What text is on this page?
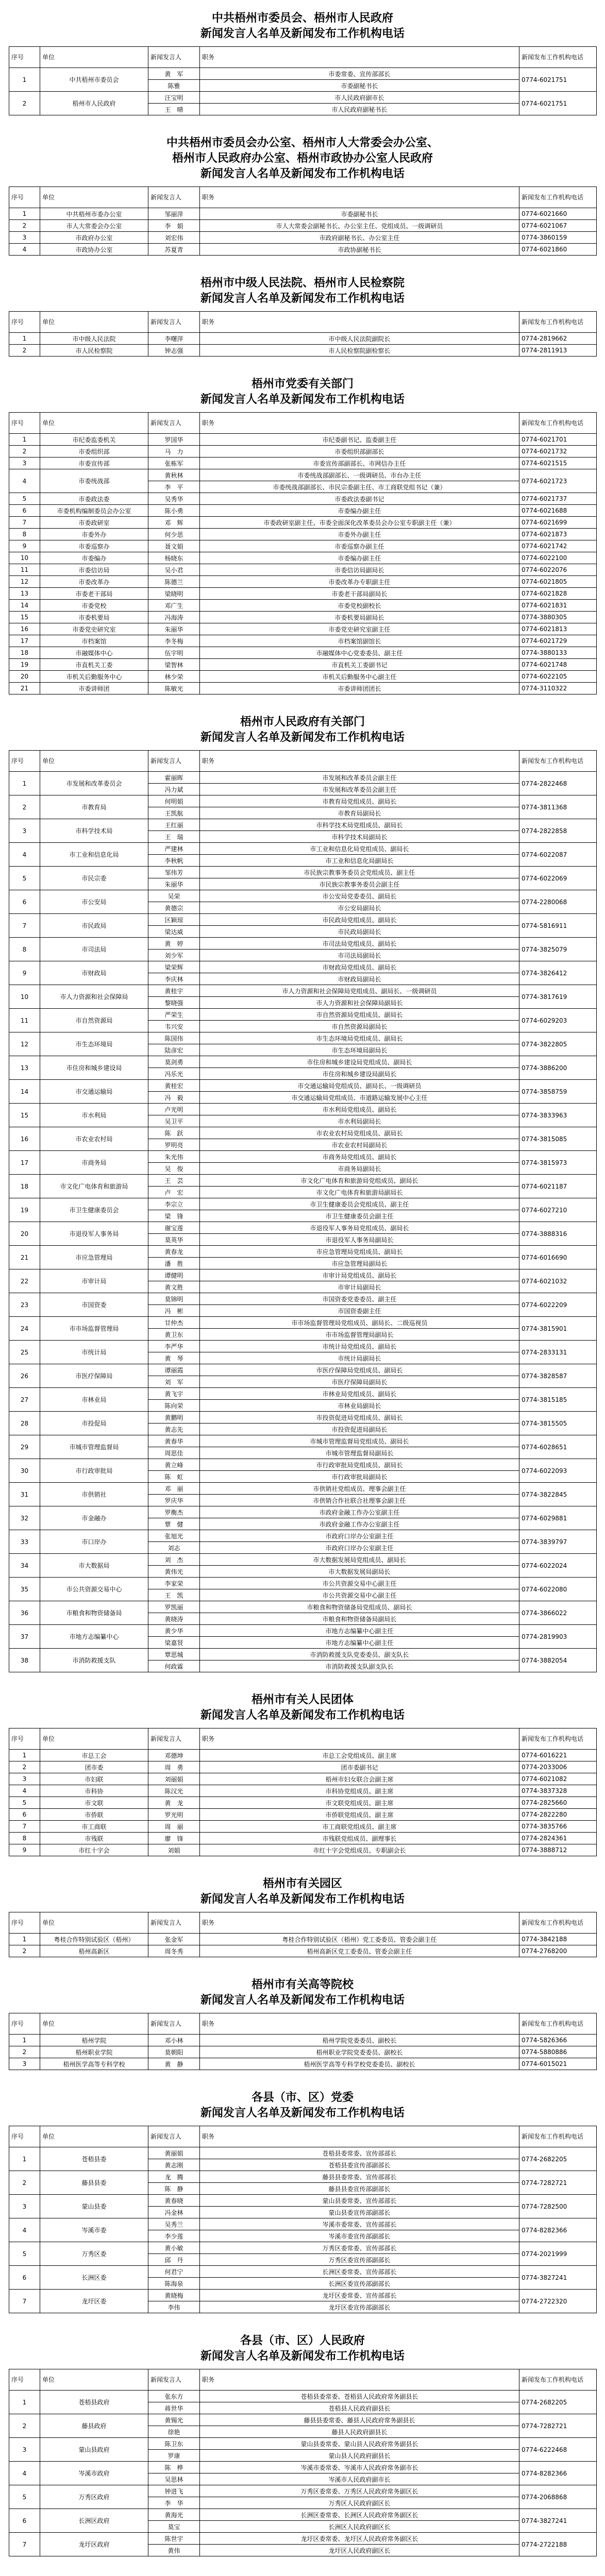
中共梧州市委员会、梧州市人民政府
新闻发言人名单及新闻发布工作机构电话
序号	单位	新闻发言人	职务	新闻发布工作机构电话
1	中共梧州市委员会	黄　军	市委常委、宣传部部长	0774-6021751
		陈雅	市委副秘书长	
2	梧州市人民政府	汪宝明	市人民政府副市长	0774-6021751
		王　晴	市人民政府副秘书长	
中共梧州市委员会办公室、梧州市人大常委会办公室、
梧州市人民政府办公室、梧州市政协办公室人民政府
新闻发言人名单及新闻发布工作机构电话
序号	单位	新闻发言人	职务	新闻发布工作机构电话
1	中共梧州市委办公室	邹丽萍	市委副秘书长	0774-6021660
2	市人大常委会办公室	李　娟	市人大常委会副秘书长、办公室主任、党组成员、一级调研员	0774-6021067
3	市政府办公室	刘宏伟	市政府副秘书长、办公室主任	0774-3860159
4	市政协办公室	苏夏青	市政协副秘书长	0774-6021860
梧州市中级人民法院、梧州市人民检察院
新闻发言人名单及新闻发布工作机构电话
序号	单位	新闻发言人	职务	新闻发布工作机构电话
1	市中级人民法院	李曙萍	市中级人民法院副院长	0774-2819662
2	市人民检察院	钟志强	市人民检察院副检察长	0774-2811913
梧州市党委有关部门
新闻发言人名单及新闻发布工作机构电话
序号	单位	新闻发言人	职务	新闻发布工作机构电话
1	市纪委监委机关	罗国华	市纪委副书记、监委副主任	0774-6021701
2	市委组织部	马　力	市委组织部副部长	0774-6021732
3	市委宣传部	张栋军	市委宣传部副部长、市网信办主任	0774-6021515
4	市委统战部	黄秋林	市委统战部副部长、一级调研员、市台办主任	0774-6021723
		李　平	市委统战部副部长、市民宗委副主任、市工商联党组书记（兼）	
5	市委政法委	吴秀华	市委政法委副书记	0774-6021737
6	市委机构编制委员会办公室	陈小勇	市委编办副主任	0774-6021688
7	市委政研室	邓　辉	市委政研室副主任、市委全面深化改革委员会办公室专职副主任（兼）	0774-6021699
8	市委外办	何少思	市委外办副主任	0774-6021873
9	市委巡察办	聂文娟	市委巡察办副主任	0774-6021742
10	市委编办	杨晓东	市委编办副主任	0774-6022100
11	市委信访局	吴小君	市委信访局副局长	0774-6022076
12	市委改革办	陈德兰	市委改革办专职副主任	0774-6021805
13	市委老干部局	梁晓明	市委老干部局副局长	0774-6021828
14	市委党校	邓广生	市委党校副校长	0774-6021831
15	市委机要局	冯海涛	市委机要局副局长	0774-3880305
16	市委党史研究室	朱丽华	市委党史研究室副主任	0774-6021813
17	市档案馆	李冬梅	市档案馆副馆长	0774-6021729
18	市融媒体中心	伍宇明	市融媒体中心党委委员、副主任	0774-3880133
19	市直机关工委	梁智林	市直机关工委副书记	0774-6021748
20	市机关后勤服务中心	林少荣	市机关后勤服务中心副主任	0774-6022105
21	市委讲师团	陈敏光	市委讲师团团长	0774-3110322
梧州市人民政府有关部门
新闻发言人名单及新闻发布工作机构电话
序号	单位	新闻发言人	职务	新闻发布工作机构电话
1	市发展和改革委员会	霍丽晖	市发展和改革委员会副主任	0774-2822468
		冯力斌	市发展和改革委员会副主任	
2	市教育局	何明娟	市教育局党组成员、副局长	0774-3811368
		王凯航	市教育局副局长	
3	市科学技术局	王红丽	市科学技术局党组成员、副局长	0774-2822858
		王　瑞	市科学技术局副局长	
4	市工业和信息化局	严建林	市工业和信息化局党组成员、副局长	0774-6022087
		李秋帆	市工业和信息化局副局长	
5	市民宗委	邹伟芳	市民族宗教事务委员会党组成员、副主任	0774-6022069
		朱丽华	市民族宗教事务委员会副主任	
6	市公安局	吴荣	市公安局党委委员、副局长	0774-2280068
		黄德宗	市公安局副局长	
7	市民政局	区颖琼	市民政局党组成员、副局长	0774-5816911
		梁达威	市民政局副局长	
8	市司法局	黄　婷	市司法局党组成员、副局长	0774-3825079
		刘少军	市司法局副局长	
9	市财政局	梁荣辉	市财政局党组成员、副局长	0774-3826412
		李庆林	市财政局副局长	
10	市人力资源和社会保障局	黄桂宇	市人力资源和社会保障局党组成员、副局长、一级调研员	0774-3817619
		黎晓强	市人力资源和社会保障局副局长	
11	市自然资源局	严荣生	市自然资源局党组成员、副局长	0774-6029203
		韦兴安	市自然资源局副局长	
12	市生态环境局	陈国伟	市生态环境局党组成员、副局长	0774-3822805
		陆彦宏	市生态环境局副局长	
13	市住房和城乡建设局	莫剑勇	市住房和城乡建设局党组成员、副局长	0774-3886200
		冯乐光	市住房和城乡建设局副局长	
14	市交通运输局	黄桂宏	市交通运输局党组成员、副局长、一级调研员	0774-3858759
		冯　毅	市交通运输局党组成员、市道路运输发展中心主任	
15	市水利局	卢光明	市水利局党组成员、副局长	0774-3833963
		吴卫平	市水利局副局长	
16	市农业农村局	陈　跃	市农业农村局党组成员、副局长	0774-3815085
		罗明亮	市农业农村局副局长	
17	市商务局	朱光伟	市商务局党组成员、副局长	0774-3815973
		吴　俊	市商务局副局长	
18	市文化广电体育和旅游局	王　芸	市文化广电体育和旅游局党组成员、副局长	0774-6021187
		卢　宏	市文化广电体育和旅游局副局长	
19	市卫生健康委员会	李宗立	市卫生健康委员会党组成员、副主任	0774-6027210
		梁　锋	市卫生健康委员会副主任	
20	市退役军人事务局	谢宝莲	市退役军人事务局党组成员、副局长	0774-3888316
		莫英华	市退役军人事务局副局长	
21	市应急管理局	黄春龙	市应急管理局党组成员、副局长	0774-6016690
		潘　胜	市应急管理局副局长	
22	市审计局	谭健明	市审计局党组成员、副局长	0774-6021032
		黄文胜	市审计局副局长	
23	市国资委	莫锦明	市国资委党委委员、副主任	0774-6022209
		冯　彬	市国资委副主任	
24	市市场监督管理局	甘仲杰	市市场监督管理局党组成员、副局长、二级巡视员	0774-3815901
		黄卫东	市市场监督管理局副局长	
25	市统计局	李严华	市统计局党组成员、副局长	0774-2833131
		黄　琴	市统计局副局长	
26	市医疗保障局	谭丽霞	市医疗保障局党组成员、副局长	0774-3828587
		刘　军	市医疗保障局副局长	
27	市林业局	黄飞宇	市林业局党组成员、副局长	0774-3815185
		陈向荣	市林业局副局长	
28	市投促局	黄鹏明	市投资促进局党组成员、副局长	0774-3815505
		黄志先	市投资促进局副局长	
29	市城市管理监督局	黄春华	市城市管理监督局党组成员、副局长	0774-6028651
		周思佳	市城市管理监督局副局长	
30	市行政审批局	黄立峰	市行政审批局党组成员、副局长	0774-6022093
		陈　虹	市行政审批局副局长	
31	市供销社	邓　丽	市供销社党组成员、理事会副主任	0774-3822845
		罗庆华	市供销合作社联合社理事会副主任	
32	市金融办	罗衡杰	市政府金融工作办公室副主任	0774-6029881
		覃　健	市政府金融工作办公室副主任	
33	市口岸办	张旭光	市政府口岸办公室副主任	0774-3839797
		刘志	市政府口岸办公室副主任	
34	市大数据局	刘　杰	市大数据发展局党组成员、副局长	0774-6022024
		黄伟光	市大数据发展局副局长	
35	市公共资源交易中心	李家荣	市公共资源交易中心副主任	0774-6022080
		王　凯	市公共资源交易中心副主任	
36	市粮食和物资储备局	罗凯丽	市粮食和物资储备局党组成员、副局长	0774-3866022
		黄晓涛	市粮食和物资储备局副局长	
37	市地方志编纂中心	黄少华	市地方志编纂中心副主任	0774-2819903
		梁嘉贤	市地方志编纂中心副主任	
38	市消防救援支队	覃思城	市消防救援支队党委委员、副支队长	0774-3882054
		何政霖	市消防救援支队副支队长	
梧州市有关人民团体
新闻发言人名单及新闻发布工作机构电话
序号	单位	新闻发言人	职务	新闻发布工作机构电话
1	市总工会	邓德坤	市总工会党组成员、副主席	0774-6016221
2	团市委	周　勇	团市委副书记	0774-2033006
3	市妇联	刘丽娟	梧州市妇女联合会副主席	0774-6021082
4	市科协	陈汉光	市科协党组成员、副主席	0774-3837328
5	市文联	黄　龙	市文联党组成员、副主席	0774-2825660
6	市侨联	罗光明	市侨联党组成员、副主席	0774-2822280
7	市工商联	周　丽	市工商联党组成员、副主席	0774-3835766
8	市残联	廖　锋	市残联党组成员、副理事长	0774-2824361
9	市红十字会	刘娟	市红十字会党组成员、专职副会长	0774-3888712
梧州市有关园区
新闻发言人名单及新闻发布工作机构电话
序号	单位	新闻发言人	职务	新闻发布工作机构电话
1	粤桂合作特别试验区（梧州）	张金军	粤桂合作特别试验区（梧州）党工委委员、管委会副主任	0774-3842188
2	梧州高新区	周冬秀	梧州高新区党工委委员、管委会副主任	0774-2768200
梧州市有关高等院校
新闻发言人名单及新闻发布工作机构电话
序号	单位	新闻发言人	职务	新闻发布工作机构电话
1	梧州学院	邓小林	梧州学院党委委员、副校长	0774-5826366
2	梧州职业学院	莫朝阳	梧州职业学院党委委员、副校长	0774-5880886
3	梧州医学高等专科学校	黄　静	梧州医学高等专科学校党委委员、副校长	0774-6015021
各县（市、区）党委
新闻发言人名单及新闻发布工作机构电话
序号	单位	新闻发言人	职务	新闻发布工作机构电话
1	苍梧县委	黄丽娟	苍梧县委常委、宣传部部长	0774-2682205
		黄志刚	苍梧县委宣传部副部长	
2	藤县县委	龙　腾	藤县县委常委、宣传部部长	0774-7282721
		陈　静	藤县县委宣传部副部长	
3	蒙山县委	黄春晓	蒙山县委常委、宣传部部长	0774-7282500
		冯金林	蒙山县委宣传部副部长	
4	岑溪市委	吴秀兰	岑溪市委常委、宣传部部长	0774-8282366
		李少莲	岑溪市委宣传部副部长	
5	万秀区委	黄小敏	万秀区委常委、宣传部部长	0774-2021999
		邱　丹	万秀区委宣传部副部长	
6	长洲区委	何君宁	长洲区委常委、宣传部部长	0774-3827241
		陈海泉	长洲区委宣传部副部长	
7	龙圩区委	黄晓梅	龙圩区委常委、宣传部部长	0774-2722320
		李伟	龙圩区委宣传部副部长	
各县（市、区）人民政府
新闻发言人名单及新闻发布工作机构电话
序号	单位	新闻发言人	职务	新闻发布工作机构电话
1	苍梧县政府	张东方	苍梧县委常委、苍梧县人民政府常务副县长	0774-2682205
		蒋世华	苍梧县人民政府副县长	
2	藤县政府	黄锡光	藤县县委常委、藤县人民政府常务副县长	0774-7282721
		徐艳	藤县人民政府副县长	
3	蒙山县政府	陈卫东	蒙山县委常委、蒙山县人民政府常务副县长	0774-6222468
		罗康	蒙山县人民政府副县长	
4	岑溪市政府	陈　桦	岑溪市委常委、岑溪市人民政府常务副市长	0774-8282366
		吴思林	岑溪市人民政府副市长	
5	万秀区政府	钟进飞	万秀区委常委、万秀区人民政府常务副区长	0774-2068868
		李　华	万秀区人民政府副区长	
6	长洲区政府	黄海光	长洲区委常委、长洲区人民政府常务副区长	0774-3827241
		莫宝	长洲区人民政府副区长	
7	龙圩区政府	陈世宇	龙圩区委常委、龙圩区人民政府常务副区长	0774-2722188
		黄伟	龙圩区人民政府副区长	
